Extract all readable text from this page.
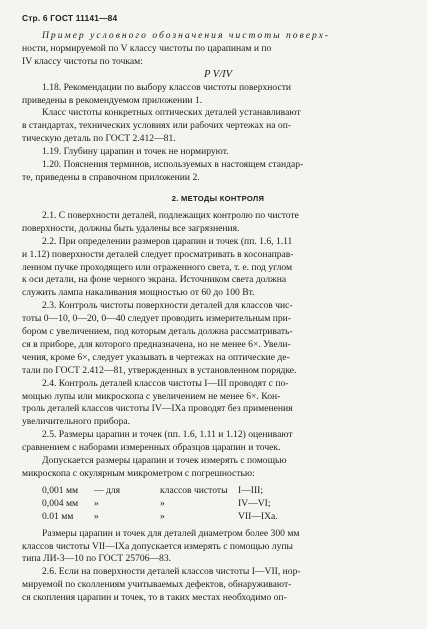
Стр. 6 ГОСТ 11141—84

Пример условного обозначения чистоты поверх-

ности, нормируемой по V классу чистоты по царапинам и по

IV классу чистоты по точкам:

P V/IV

1.18. Рекомендации по выбору классов чистоты поверхности

приведены в рекомендуемом приложении 1.

Класс чистоты конкретных оптических деталей устанавливают

в стандартах, технических условиях или рабочих чертежах на оп-

тическую деталь по ГОСТ 2.412—81.

1.19. Глубину царапин и точек не нормируют.

1.20. Пояснения терминов, используемых в настоящем стандар-

те, приведены в справочном приложении 2.

2. МЕТОДЫ КОНТРОЛЯ

2.1. С поверхности деталей, подлежащих контролю по чистоте

поверхности, должны быть удалены все загрязнения.

2.2. При определении размеров царапин и точек (пп. 1.6, 1.11

и 1.12) поверхности деталей следует просматривать в косонаправ-

ленном пучке проходящего или отраженного света, т. е. под углом

к оси детали, на фоне черного экрана. Источником света должна

служить лампа накаливания мощностью от 60 до 100 Вт.

2.3. Контроль чистоты поверхности деталей для классов чис-

тоты 0—10, 0—20, 0—40 следует проводить измерительным при-

бором с увеличением, под которым деталь должна рассматривать-

ся в приборе, для которого предназначена, но не менее 6×. Увели-

чения, кроме 6×, следует указывать в чертежах на оптические де-

тали по ГОСТ 2.412—81, утвержденных в установленном порядке.

2.4. Контроль деталей классов чистоты I—III проводят с по-

мощью лупы или микроскопа с увеличением не менее 6×. Кон-

троль деталей классов чистоты IV—IXа проводят без применения

увеличительного прибора.

2.5. Размеры царапин и точек (пп. 1.6, 1.11 и 1.12) оценивают

сравнением с наборами измеренных образцов царапин и точек.

Допускается размеры царапин и точек измерять с помощью

микроскопа с окулярным микрометром с погрешностью:

0,001 мм	— для	классов чистоты	I—III;
0,004 мм	»	»	IV—VI;
0.01 мм	»	»	VII—IXа.

Размеры царапин и точек для деталей диаметром более 300 мм

классов чистоты VII—IXа допускается измерять с помощью лупы

типа ЛИ-3—10 по ГОСТ 25706—83.

2.6. Если на поверхности деталей классов чистоты I—VII, нор-

мируемой по сколлениям учитываемых дефектов, обнаруживают-

ся скопления царапин и точек, то в таких местах необходимо оп-
